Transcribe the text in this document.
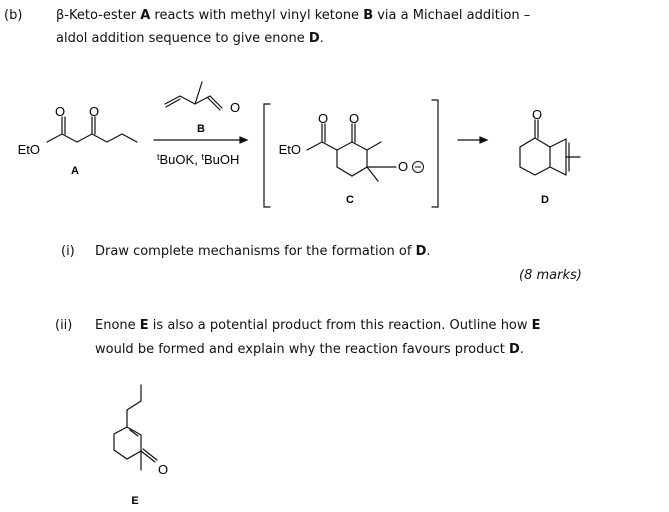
(b)	β-Keto-ester A reacts with methyl vinyl ketone B via a Michael addition –
aldol addition sequence to give enone D.
EtO
A
B
O
$^t$BuOK, $^t$BuOH
EtO
C
O
D
E
O O	O O	O
O
(i) Draw complete mechanisms for the formation of D.
(8 marks)
(ii) Enone E is also a potential product from this reaction. Outline how E
would be formed and explain why the reaction favours product D.
